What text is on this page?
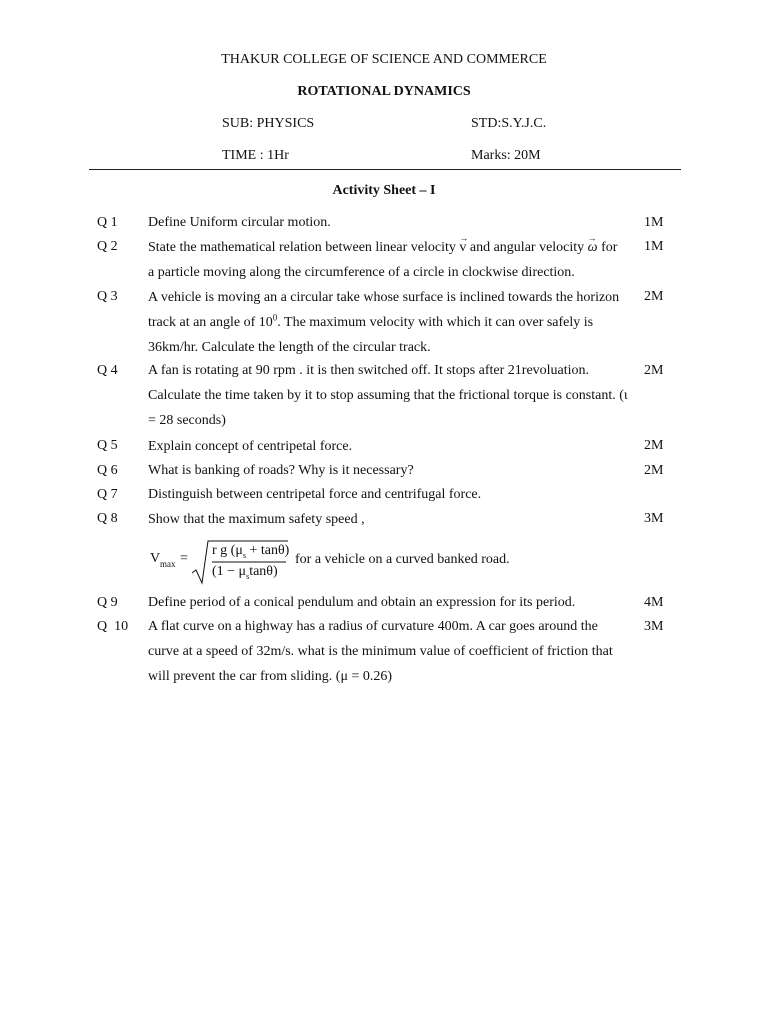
THAKUR COLLEGE OF SCIENCE AND COMMERCE
ROTATIONAL DYNAMICS
SUB: PHYSICS	STD:S.Y.J.C.
TIME : 1Hr	Marks: 20M
Activity Sheet – I
Q 1 Define Uniform circular motion.	1M
Q 2 State the mathematical relation between linear velocity → v and angular velocity → ω for
a particle moving along the circumference of a circle in clockwise direction.
1M
Q 3 A vehicle is moving an a circular take whose surface is inclined towards the horizon track at an angle of $10^0$. The maximum velocity with which it can over safely is 36km/hr. Calculate the length of the circular track.
2M
Q 4 A fan is rotating at 90 rpm . it is then switched off. It stops after 21revoluation. Calculate the time taken by it to stop assuming that the frictional torque is constant. (ι = 28 seconds)
2M
Q 5 Explain concept of centripetal force.	2M
Q 6 What is banking of roads? Why is it necessary?	2M
Q 7 Distinguish between centripetal force and centrifugal force.
Q 8 Show that the maximum safety speed ,	3M
V max =
r g $(\mu_s + \tan\theta)$
$(1 - \mu_s\tan\theta)$
for a vehicle on a curved banked road.
Q 9 Define period of a conical pendulum and obtain an expression for its period.	4M
Q  10 A flat curve on a highway has a radius of curvature 400m. A car goes around the curve at a speed of 32m/s. what is the minimum value of coefficient of friction that will prevent the car from sliding. (μ = 0.26)
3M
